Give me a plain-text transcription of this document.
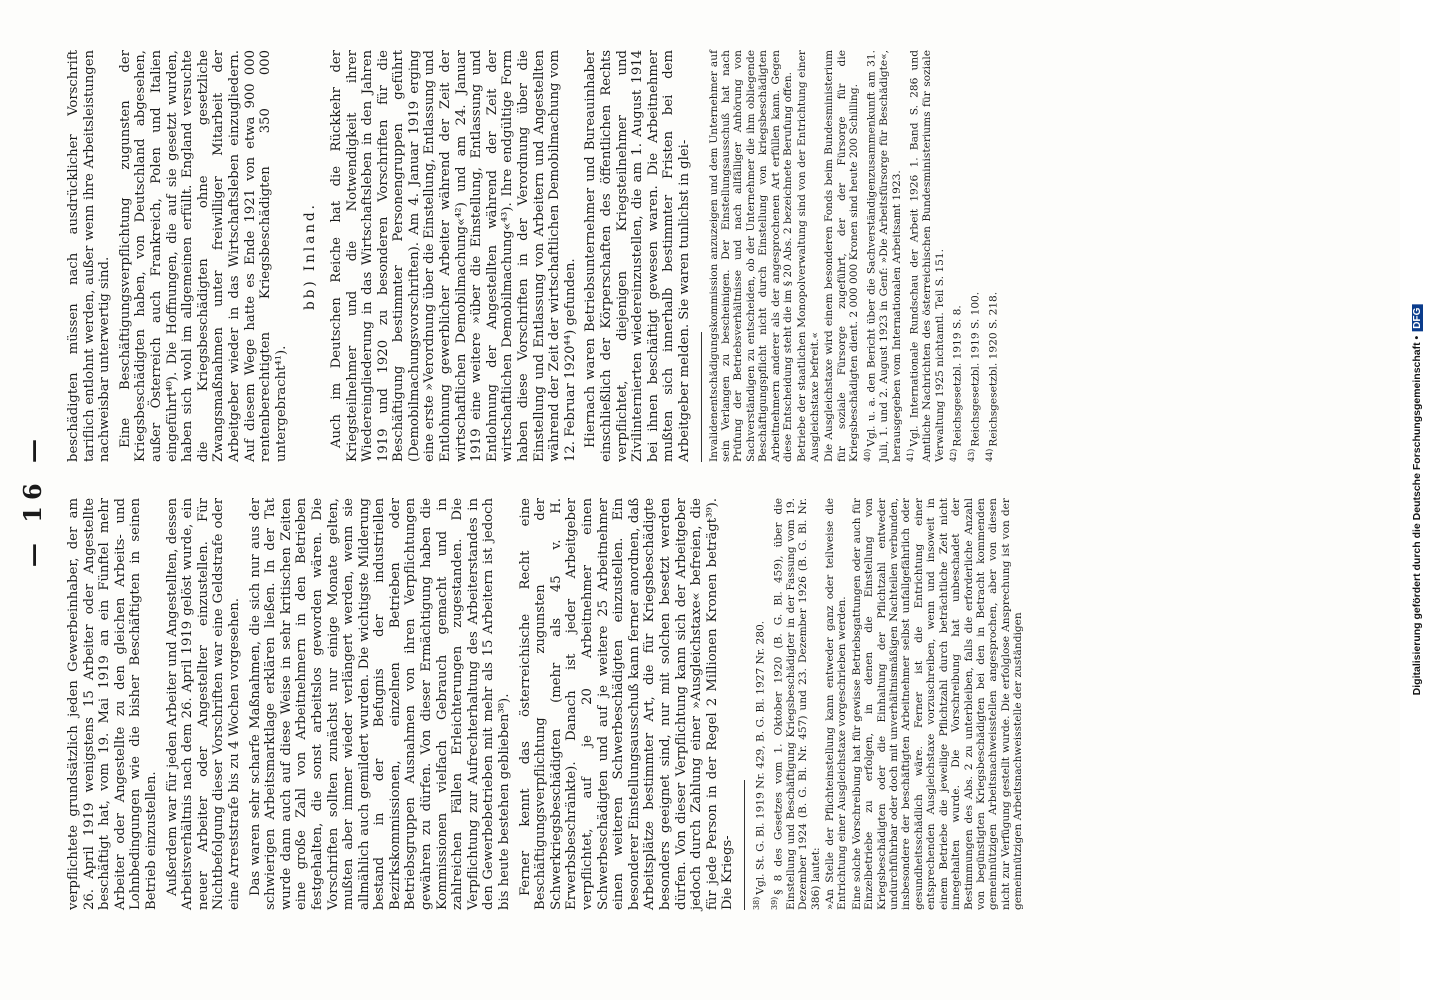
— 16 — verpflichtete grundsätzlich jeden Gewerbeinhaber, der am 26. April 1919 wenigstens 15 Arbeiter oder Angestellte beschäftigt hat, vom 19. Mai 1919 an ein Fünftel mehr Arbeiter oder Angestellte zu den gleichen Arbeits- und Lohnbedingungen wie die bisher Beschäftigten in seinen Betrieb einzustellen. Außerdem war für jeden Arbeiter und Angestellten, dessen Arbeitsverhältnis nach dem 26. April 1919 gelöst wurde, ein neuer Arbeiter oder Angestellter einzustellen. Für Nichtbefolgung dieser Vorschriften war eine Geldstrafe oder eine Arreststrafe bis zu 4 Wochen vorgesehen. Das waren sehr scharfe Maßnahmen, die sich nur aus der schwierigen Arbeitsmarktlage erklären ließen. In der Tat wurde dann auch auf diese Weise in sehr kritischen Zeiten eine große Zahl von Arbeitnehmern in den Betrieben festgehalten, die sonst arbeitslos geworden wären. Die Vorschriften sollten zunächst nur einige Monate gelten, mußten aber immer wieder verlängert werden, wenn sie allmählich auch gemildert wurden. Die wichtigste Milderung bestand in der Befugnis der industriellen Bezirkskommissionen, einzelnen Betrieben oder Betriebsgruppen Ausnahmen von ihren Verpflichtungen gewähren zu dürfen. Von dieser Ermächtigung haben die Kommissionen vielfach Gebrauch gemacht und in zahlreichen Fällen Erleichterungen zugestanden. Die Verpflichtung zur Aufrechterhaltung des Arbeiterstandes in den Gewerbebetrieben mit mehr als 15 Arbeitern ist jedoch bis heute bestehen geblieben³⁸). Ferner kennt das österreichische Recht eine Beschäftigungsverpflichtung zugunsten der Schwerkriegsbeschädigten (mehr als 45 v. H. Erwerbsbeschränkte). Danach ist jeder Arbeitgeber verpflichtet, auf je 20 Arbeitnehmer einen Schwerbeschädigten und auf je weitere 25 Arbeitnehmer einen weiteren Schwerbeschädigten einzustellen. Ein besonderer Einstellungsausschuß kann ferner anordnen, daß Arbeitsplätze bestimmter Art, die für Kriegsbeschädigte besonders geeignet sind, nur mit solchen besetzt werden dürfen. Von dieser Verpflichtung kann sich der Arbeitgeber jedoch durch Zahlung einer »Ausgleichstaxe« befreien, die für jede Person in der Regel 2 Millionen Kronen beträgt³⁹). Die Kriegs- $^{38)}$Vgl. St. G. Bl. 1919 Nr. 429, B. G. Bl. 1927 Nr. 280.

$^{39)}$§ 8 des Gesetzes vom 1. Oktober 1920 (B. G. Bl. 459), über die Einstellung und Beschäftigung Kriegsbeschädigter in der Fassung vom 19. Dezember 1924 (B. G. Bl. Nr. 457) und 23. Dezember 1926 (B. G. Bl. Nr. 386) lautet: »An Stelle der Pflichteinstellung kann entweder ganz oder teilweise die Entrichtung einer Ausgleichstaxe vorgeschrieben werden. Eine solche Vorschreibung hat für gewisse Betriebsgattungen oder auch für Einzelbetriebe zu erfolgen, in denen die Einstellung von Kriegsbeschädigten oder die Einhaltung der Pflichtzahl entweder undurchführbar oder doch mit unverhältnismäßigen Nachteilen verbunden, insbesondere der beschäftigten Arbeitnehmer selbst unfallgefährlich oder gesundheitsschädlich wäre. Ferner ist die Entrichtung einer entsprechenden Ausgleichstaxe vorzuschreiben, wenn und insoweit in einem Betriebe die jeweilige Pflichtzahl durch beträchtliche Zeit nicht innegehalten wurde. Die Vorschreibung hat unbeschadet der Bestimmungen des Abs. 2 zu unterbleiben, falls die erforderliche Anzahl von begünstigten Kriegsbeschädigten bei den in Betracht kommenden gemeinnützigen Arbeitsnachweisstellen angesprochen, aber von diesen nicht zur Verfügung gestellt wurde. Die erfolglose Ansprechung ist von der gemeinnützigen Arbeitsnachweisstelle der zuständigen

beschädigten müssen nach ausdrücklicher Vorschrift tariflich entlohnt werden, außer wenn ihre Arbeitsleistungen nachweisbar unterwertig sind. Eine Beschäftigungsverpflichtung zugunsten der Kriegsbeschädigten haben, von Deutschland abgesehen, außer Österreich auch Frankreich, Polen und Italien eingeführt⁴⁰). Die Hoffnungen, die auf sie gesetzt wurden, haben sich wohl im allgemeinen erfüllt. England versuchte die Kriegsbeschädigten ohne gesetzliche Zwangsmaßnahmen unter freiwilliger Mitarbeit der Arbeitgeber wieder in das Wirtschaftsleben einzugliedern. Auf diesem Wege hatte es Ende 1921 von etwa 900 000 rentenberechtigten Kriegsbeschädigten 350 000 untergebracht⁴¹).

bb) Inland. Auch im Deutschen Reiche hat die Rückkehr der Kriegsteilnehmer und die Notwendigkeit ihrer Wiedereingliederung in das Wirtschaftsleben in den Jahren 1919 und 1920 zu besonderen Vorschriften für die Beschäftigung bestimmter Personengruppen geführt (Demobilmachungsvorschriften). Am 4. Januar 1919 erging eine erste »Verordnung über die Einstellung, Entlassung und Entlohnung gewerblicher Arbeiter während der Zeit der wirtschaftlichen Demobilmachung«⁴²) und am 24. Januar 1919 eine weitere »über die Einstellung, Entlassung und Entlohnung der Angestellten während der Zeit der wirtschaftlichen Demobilmachung«⁴³). Ihre endgültige Form haben diese Vorschriften in der Verordnung über die Einstellung und Entlassung von Arbeitern und Angestellten während der Zeit der wirtschaftlichen Demobilmachung vom 12. Februar 1920⁴⁴) gefunden. Hiernach waren Betriebsunternehmer und Bureauinhaber einschließlich der Körperschaften des öffentlichen Rechts verpflichtet, diejenigen Kriegsteilnehmer und Zivilinternierten wiedereinzustellen, die am 1. August 1914 bei ihnen beschäftigt gewesen waren. Die Arbeitnehmer mußten sich innerhalb bestimmter Fristen bei dem Arbeitgeber melden. Sie waren tunlichst in glei- Invalidenentschädigungskommission anzuzeigen und dem Unternehmer auf sein Verlangen zu bescheinigen. Der Einstellungsausschuß hat nach Prüfung der Betriebsverhältnisse und nach allfälliger Anhörung von Sachverständigen zu entscheiden, ob der Unternehmer die ihm obliegende Beschäftigungspflicht nicht durch Einstellung von kriegsbeschädigten Arbeitnehmern anderer als der angesprochenen Art erfüllen kann. Gegen diese Entscheidung steht die im § 20 Abs. 2 bezeichnete Berufung offen. Betriebe der staatlichen Monopolverwaltung sind von der Entrichtung einer Ausgleichstaxe befreit.« Die Ausgleichstaxe wird einem besonderen Fonds beim Bundesministerium für soziale Fürsorge zugeführt, der der Fürsorge für die Kriegsbeschädigten dient. 2 000 000 Kronen sind heute 200 Schilling. $^{40)}$Vgl. u. a. den Bericht über die Sachverständigenzusammenkunft am 31. Juli, 1. und 2. August 1923 in Genf: »Die Arbeitsfürsorge für Beschädigte«, herausgegeben vom Internationalen Arbeitsamt 1923. $^{41)}$Vgl. Internationale Rundschau der Arbeit 1926 1. Band S. 286 und Amtliche Nachrichten des österreichischen Bundesministeriums für soziale Verwaltung 1925 nichtamtl. Teil S. 151. $^{42)}$Reichsgesetzbl. 1919 S. 8.

$^{43)}$Reichsgesetzbl. 1919 S. 100.

$^{44)}$Reichsgesetzbl. 1920 S. 218.	Digitalisierung gefördert durch die Deutsche Forschungsgemeinschaft •DFG
